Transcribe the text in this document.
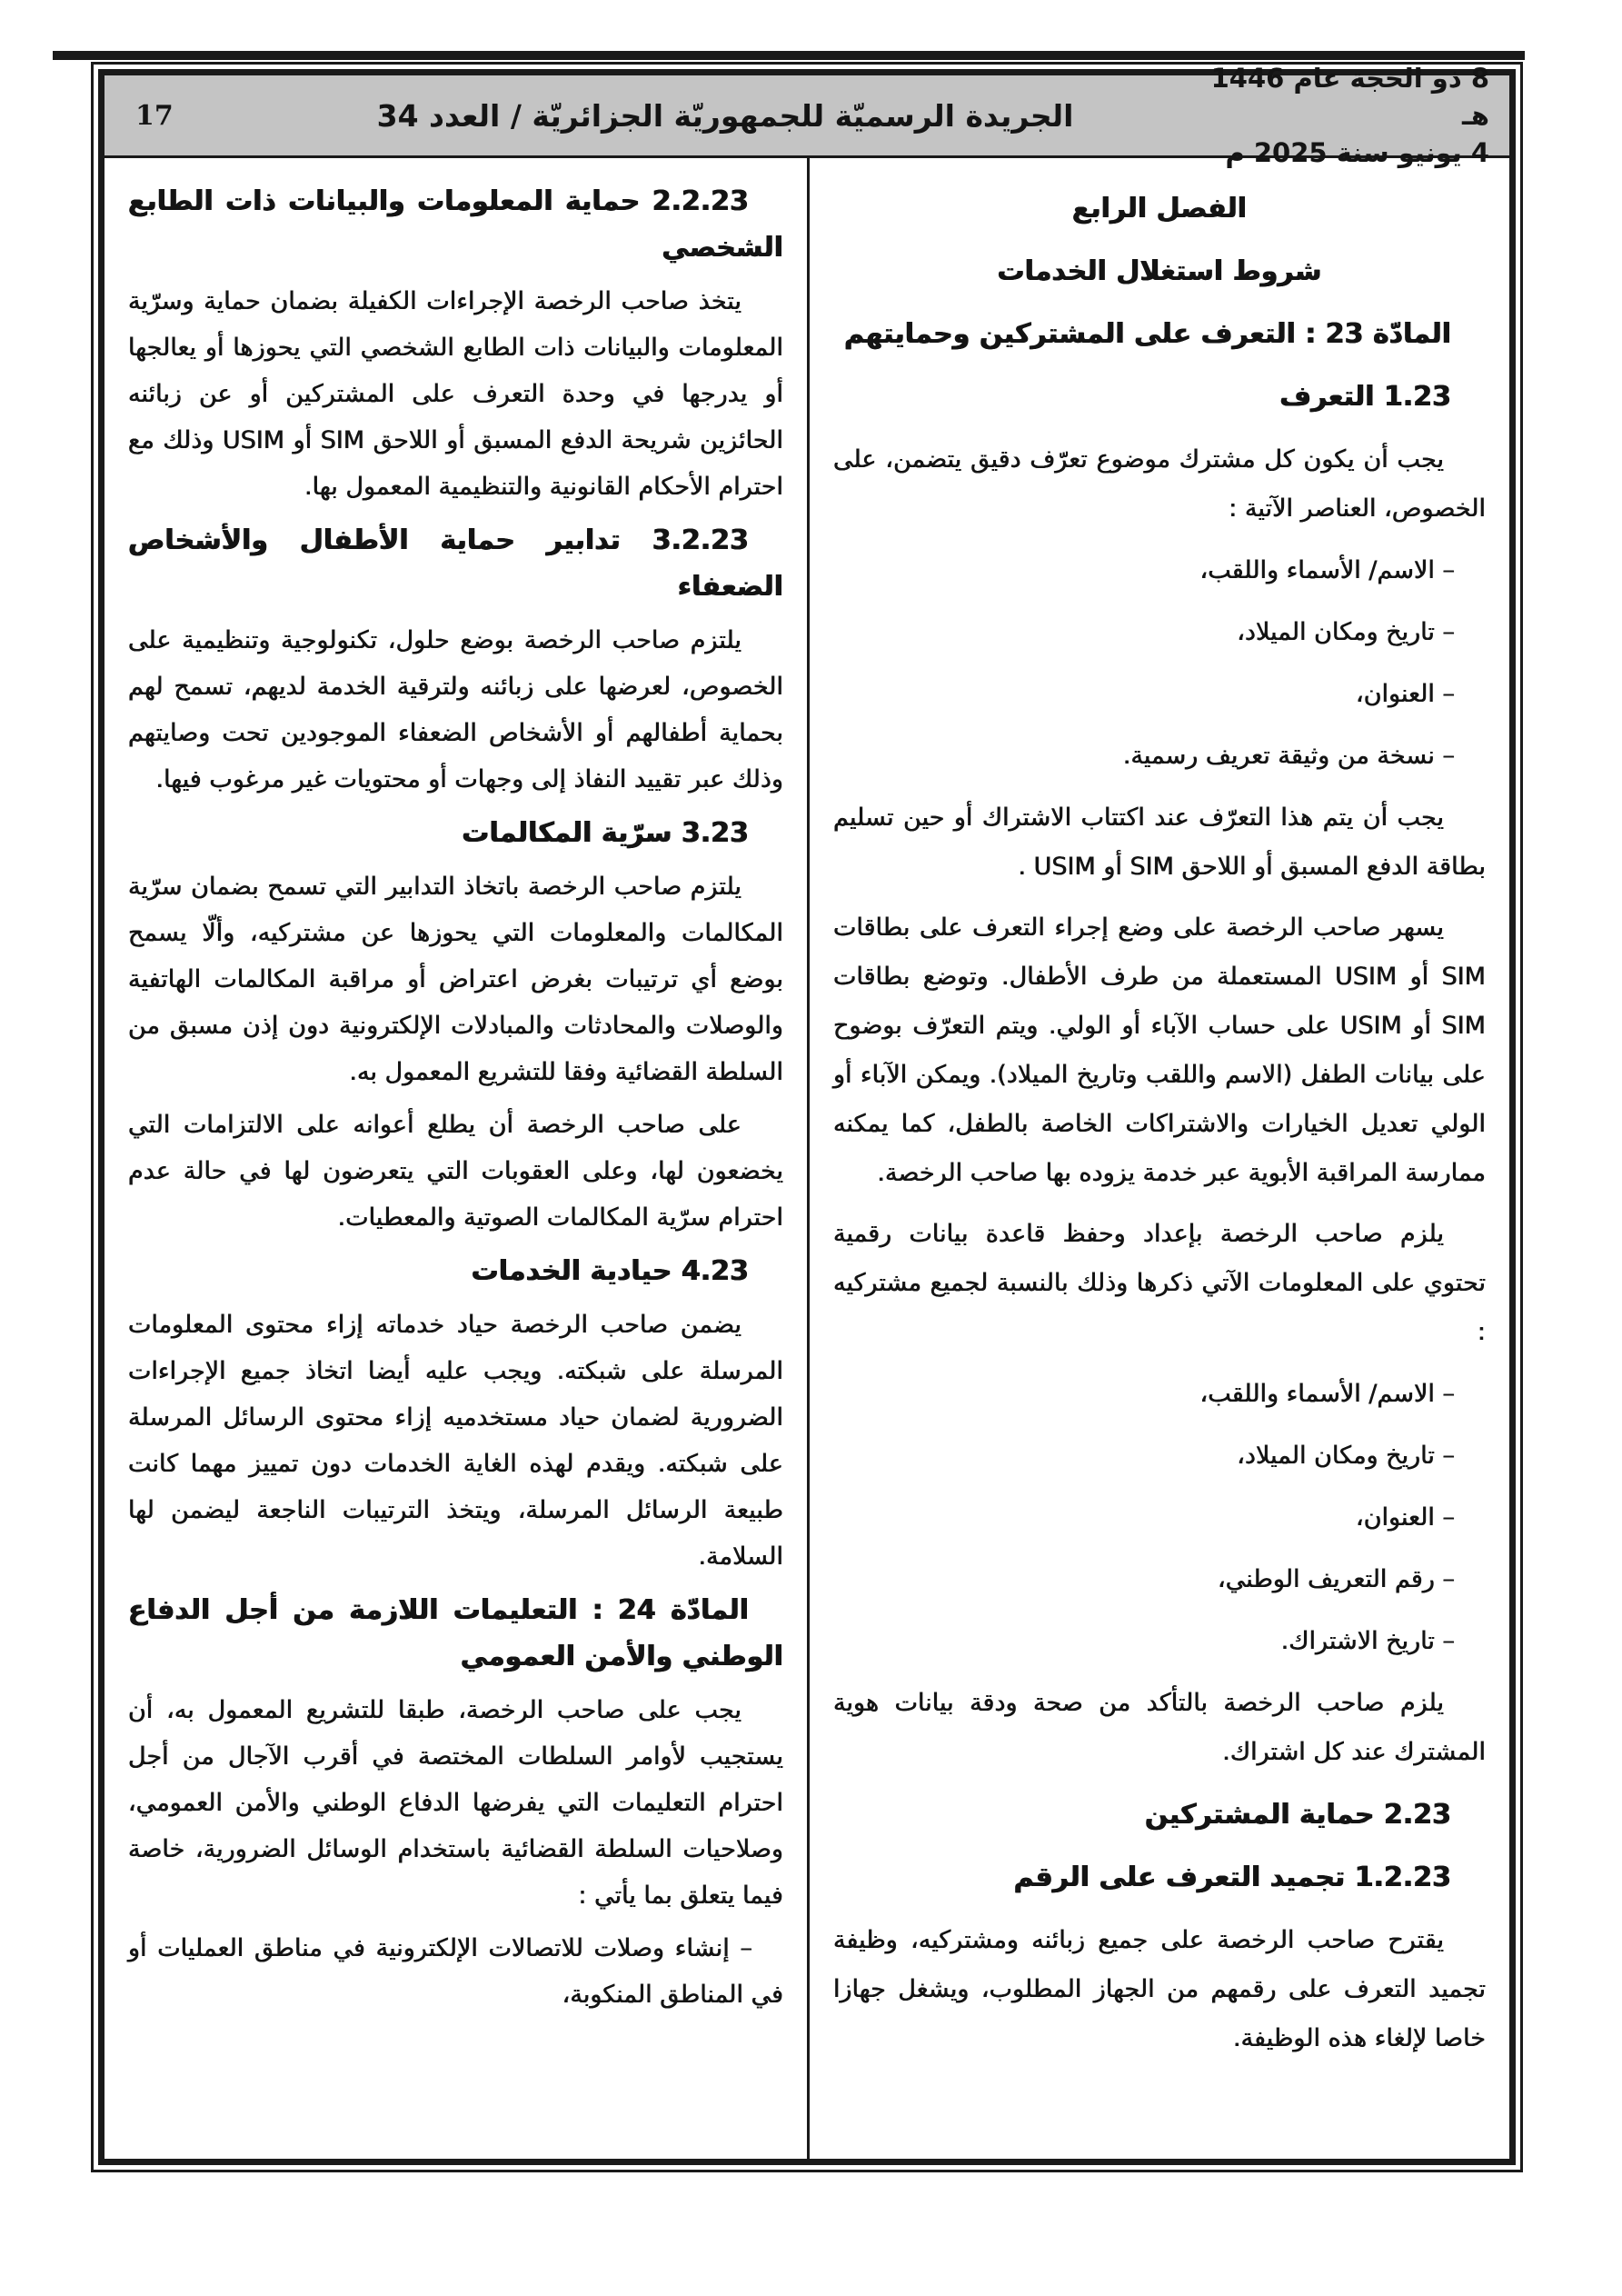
17	الجريدة الرسميّة للجمهوريّة الجزائريّة / العدد 34
8 ذو الحجة عام 1446 هـ
4 يونيو سنة 2025 م
الفصل الرابع
شروط استغلال الخدمات
المادّة 23 : التعرف على المشتركين وحمايتهم
1.23 التعرف
يجب أن يكون كل مشترك موضوع تعرّف دقيق يتضمن، على الخصوص، العناصر الآتية :
– الاسم/ الأسماء واللقب،
– تاريخ ومكان الميلاد،
– العنوان،
– نسخة من وثيقة تعريف رسمية.
يجب أن يتم هذا التعرّف عند اكتتاب الاشتراك أو حين تسليم بطاقة الدفع المسبق أو اللاحق SIM أو USIM .
يسهر صاحب الرخصة على وضع إجراء التعرف على بطاقات SIM أو USIM المستعملة من طرف الأطفال. وتوضع بطاقات SIM أو USIM على حساب الآباء أو الولي. ويتم التعرّف بوضوح على بيانات الطفل (الاسم واللقب وتاريخ الميلاد). ويمكن الآباء أو الولي تعديل الخيارات والاشتراكات الخاصة بالطفل، كما يمكنه ممارسة المراقبة الأبوية عبر خدمة يزوده بها صاحب الرخصة.
يلزم صاحب الرخصة بإعداد وحفظ قاعدة بيانات رقمية تحتوي على المعلومات الآتي ذكرها وذلك بالنسبة لجميع مشتركيه :
– الاسم/ الأسماء واللقب،
– تاريخ ومكان الميلاد،
– العنوان،
– رقم التعريف الوطني،
– تاريخ الاشتراك.
يلزم صاحب الرخصة بالتأكد من صحة ودقة بيانات هوية المشترك عند كل اشتراك.
2.23 حماية المشتركين
1.2.23 تجميد التعرف على الرقم
يقترح صاحب الرخصة على جميع زبائنه ومشتركيه، وظيفة تجميد التعرف على رقمهم من الجهاز المطلوب، ويشغل جهازا خاصا لإلغاء هذه الوظيفة.
2.2.23 حماية المعلومات والبيانات ذات الطابع الشخصي
يتخذ صاحب الرخصة الإجراءات الكفيلة بضمان حماية وسرّية المعلومات والبيانات ذات الطابع الشخصي التي يحوزها أو يعالجها أو يدرجها في وحدة التعرف على المشتركين أو عن زبائنه الحائزين شريحة الدفع المسبق أو اللاحق SIM أو USIM وذلك مع احترام الأحكام القانونية والتنظيمية المعمول بها.
3.2.23 تدابير حماية الأطفال والأشخاص الضعفاء
يلتزم صاحب الرخصة بوضع حلول، تكنولوجية وتنظيمية على الخصوص، لعرضها على زبائنه ولترقية الخدمة لديهم، تسمح لهم بحماية أطفالهم أو الأشخاص الضعفاء الموجودين تحت وصايتهم وذلك عبر تقييد النفاذ إلى وجهات أو محتويات غير مرغوب فيها.
3.23 سرّية المكالمات
يلتزم صاحب الرخصة باتخاذ التدابير التي تسمح بضمان سرّية المكالمات والمعلومات التي يحوزها عن مشتركيه، وألّا يسمح بوضع أي ترتيبات بغرض اعتراض أو مراقبة المكالمات الهاتفية والوصلات والمحادثات والمبادلات الإلكترونية دون إذن مسبق من السلطة القضائية وفقا للتشريع المعمول به.
على صاحب الرخصة أن يطلع أعوانه على الالتزامات التي يخضعون لها، وعلى العقوبات التي يتعرضون لها في حالة عدم احترام سرّية المكالمات الصوتية والمعطيات.
4.23 حيادية الخدمات
يضمن صاحب الرخصة حياد خدماته إزاء محتوى المعلومات المرسلة على شبكته. ويجب عليه أيضا اتخاذ جميع الإجراءات الضرورية لضمان حياد مستخدميه إزاء محتوى الرسائل المرسلة على شبكته. ويقدم لهذه الغاية الخدمات دون تمييز مهما كانت طبيعة الرسائل المرسلة، ويتخذ الترتيبات الناجعة ليضمن لها السلامة.
المادّة 24 : التعليمات اللازمة من أجل الدفاع الوطني والأمن العمومي
يجب على صاحب الرخصة، طبقا للتشريع المعمول به، أن يستجيب لأوامر السلطات المختصة في أقرب الآجال من أجل احترام التعليمات التي يفرضها الدفاع الوطني والأمن العمومي، وصلاحيات السلطة القضائية باستخدام الوسائل الضرورية، خاصة فيما يتعلق بما يأتي :
– إنشاء وصلات للاتصالات الإلكترونية في مناطق العمليات أو في المناطق المنكوبة،
